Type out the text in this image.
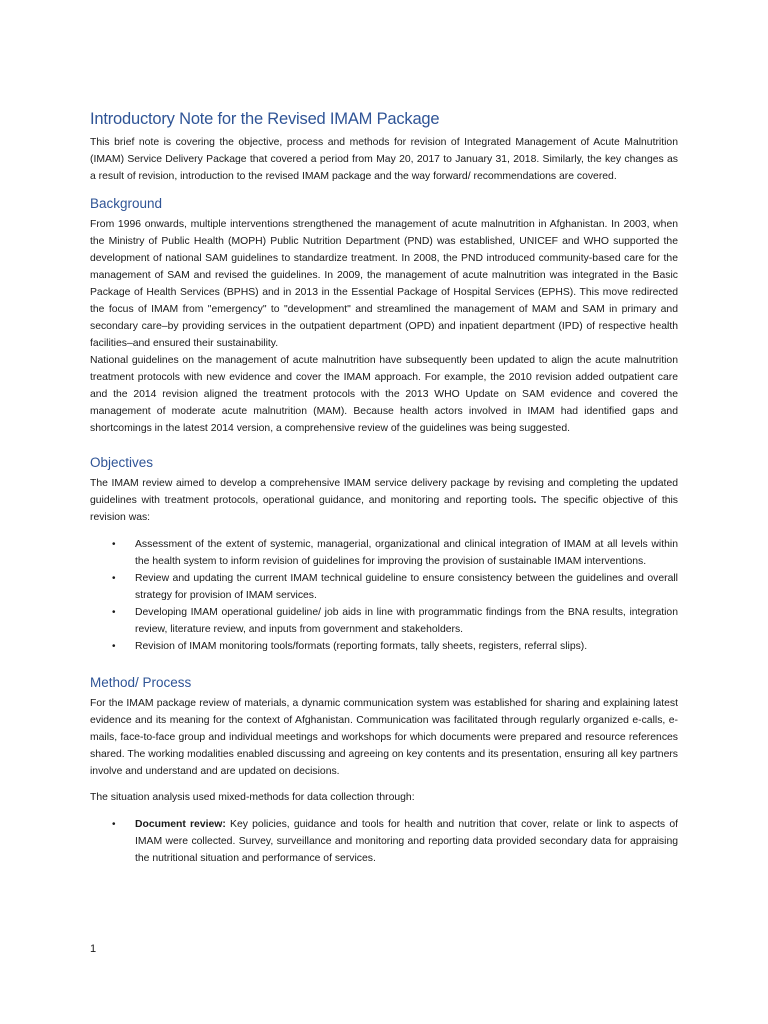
Introductory Note for the Revised IMAM Package

This brief note is covering the objective, process and methods for revision of Integrated Management of Acute Malnutrition (IMAM) Service Delivery Package that covered a period from May 20, 2017 to January 31, 2018. Similarly, the key changes as a result of revision, introduction to the revised IMAM package and the way forward/ recommendations are covered.

Background

From 1996 onwards, multiple interventions strengthened the management of acute malnutrition in Afghanistan. In 2003, when the Ministry of Public Health (MOPH) Public Nutrition Department (PND) was established, UNICEF and WHO supported the development of national SAM guidelines to standardize treatment. In 2008, the PND introduced community-based care for the management of SAM and revised the guidelines. In 2009, the management of acute malnutrition was integrated in the Basic Package of Health Services (BPHS) and in 2013 in the Essential Package of Hospital Services (EPHS). This move redirected the focus of IMAM from "emergency" to "development" and streamlined the management of MAM and SAM in primary and secondary care–by providing services in the outpatient department (OPD) and inpatient department (IPD) of respective health facilities–and ensured their sustainability.

National guidelines on the management of acute malnutrition have subsequently been updated to align the acute malnutrition treatment protocols with new evidence and cover the IMAM approach. For example, the 2010 revision added outpatient care and the 2014 revision aligned the treatment protocols with the 2013 WHO Update on SAM evidence and covered the management of moderate acute malnutrition (MAM). Because health actors involved in IMAM had identified gaps and shortcomings in the latest 2014 version, a comprehensive review of the guidelines was being suggested.

Objectives

The IMAM review aimed to develop a comprehensive IMAM service delivery package by revising and completing the updated guidelines with treatment protocols, operational guidance, and monitoring and reporting tools. The specific objective of this revision was:

• Assessment of the extent of systemic, managerial, organizational and clinical integration of IMAM at all levels within the health system to inform revision of guidelines for improving the provision of sustainable IMAM interventions.
• Review and updating the current IMAM technical guideline to ensure consistency between the guidelines and overall strategy for provision of IMAM services.
• Developing IMAM operational guideline/ job aids in line with programmatic findings from the BNA results, integration review, literature review, and inputs from government and stakeholders.
• Revision of IMAM monitoring tools/formats (reporting formats, tally sheets, registers, referral slips).
Method/ Process

For the IMAM package review of materials, a dynamic communication system was established for sharing and explaining latest evidence and its meaning for the context of Afghanistan. Communication was facilitated through regularly organized e-calls, e-mails, face-to-face group and individual meetings and workshops for which documents were prepared and resource references shared. The working modalities enabled discussing and agreeing on key contents and its presentation, ensuring all key partners involve and understand and are updated on decisions.

The situation analysis used mixed-methods for data collection through:

• Document review: Key policies, guidance and tools for health and nutrition that cover, relate or link to aspects of IMAM were collected. Survey, surveillance and monitoring and reporting data provided secondary data for appraising the nutritional situation and performance of services.
1
